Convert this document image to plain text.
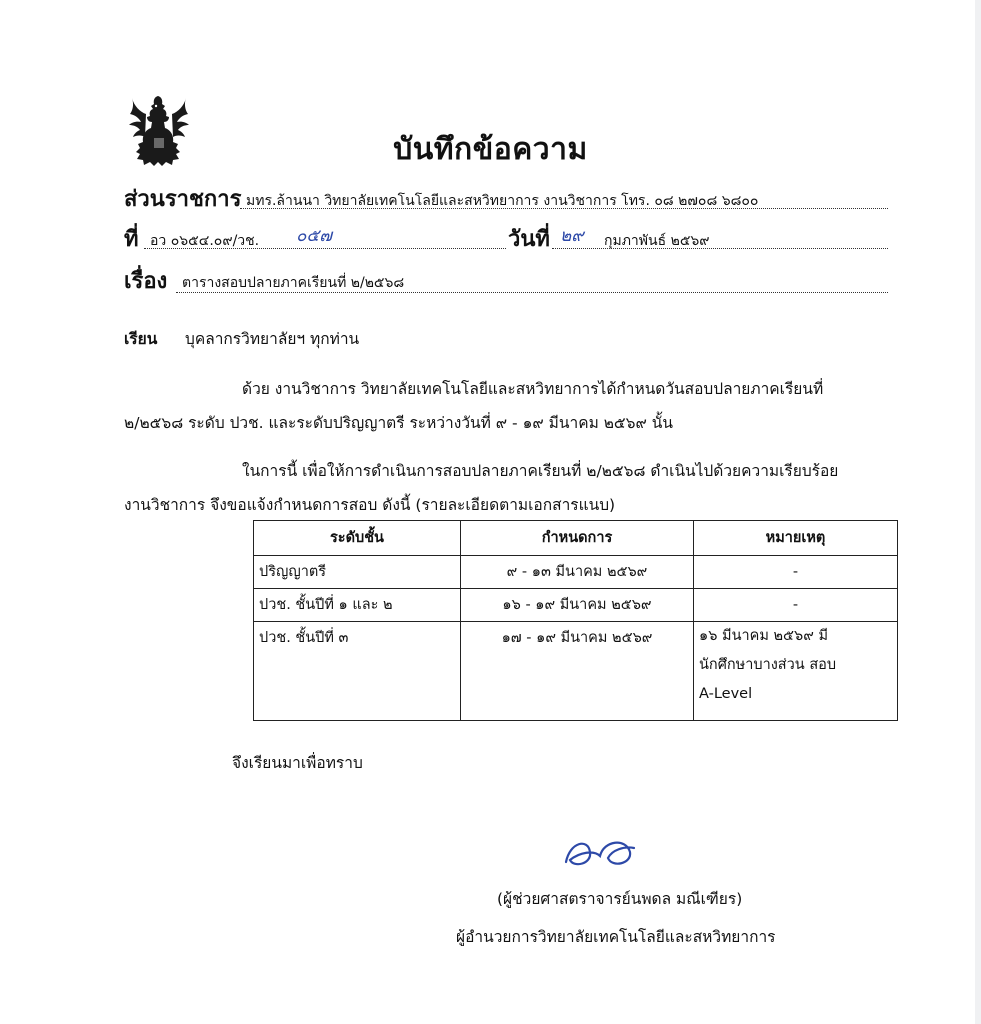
บันทึกข้อความ
ส่วนราชการ มทร.ล้านนา วิทยาลัยเทคโนโลยีและสหวิทยาการ งานวิชาการ โทร. ๐๘ ๒๗๐๘ ๖๘๐๐
ที่ อว ๐๖๕๔.๐๙/วช. ๐๕๗	วันที่ ๒๙ กุมภาพันธ์ ๒๕๖๙
เรื่อง ตารางสอบปลายภาคเรียนที่ ๒/๒๕๖๘
เรียน บุคลากรวิทยาลัยฯ ทุกท่าน
ด้วย งานวิชาการ วิทยาลัยเทคโนโลยีและสหวิทยาการได้กำหนดวันสอบปลายภาคเรียนที่
๒/๒๕๖๘ ระดับ ปวช. และระดับปริญญาตรี ระหว่างวันที่ ๙ - ๑๙ มีนาคม ๒๕๖๙ นั้น
ในการนี้ เพื่อให้การดำเนินการสอบปลายภาคเรียนที่ ๒/๒๕๖๘ ดำเนินไปด้วยความเรียบร้อย
งานวิชาการ จึงขอแจ้งกำหนดการสอบ ดังนี้ (รายละเอียดตามเอกสารแนบ)
ระดับชั้น	กำหนดการ	หมายเหตุ
ปริญญาตรี	๙ - ๑๓ มีนาคม ๒๕๖๙	-
ปวช. ชั้นปีที่ ๑ และ ๒	๑๖ - ๑๙ มีนาคม ๒๕๖๙	-
ปวช. ชั้นปีที่ ๓	๑๗ - ๑๙ มีนาคม ๒๕๖๙	๑๖ มีนาคม ๒๕๖๙ มี
นักศึกษาบางส่วน สอบ
A-Level
จึงเรียนมาเพื่อทราบ
(ผู้ช่วยศาสตราจารย์นพดล มณีเฑียร)
ผู้อำนวยการวิทยาลัยเทคโนโลยีและสหวิทยาการ
